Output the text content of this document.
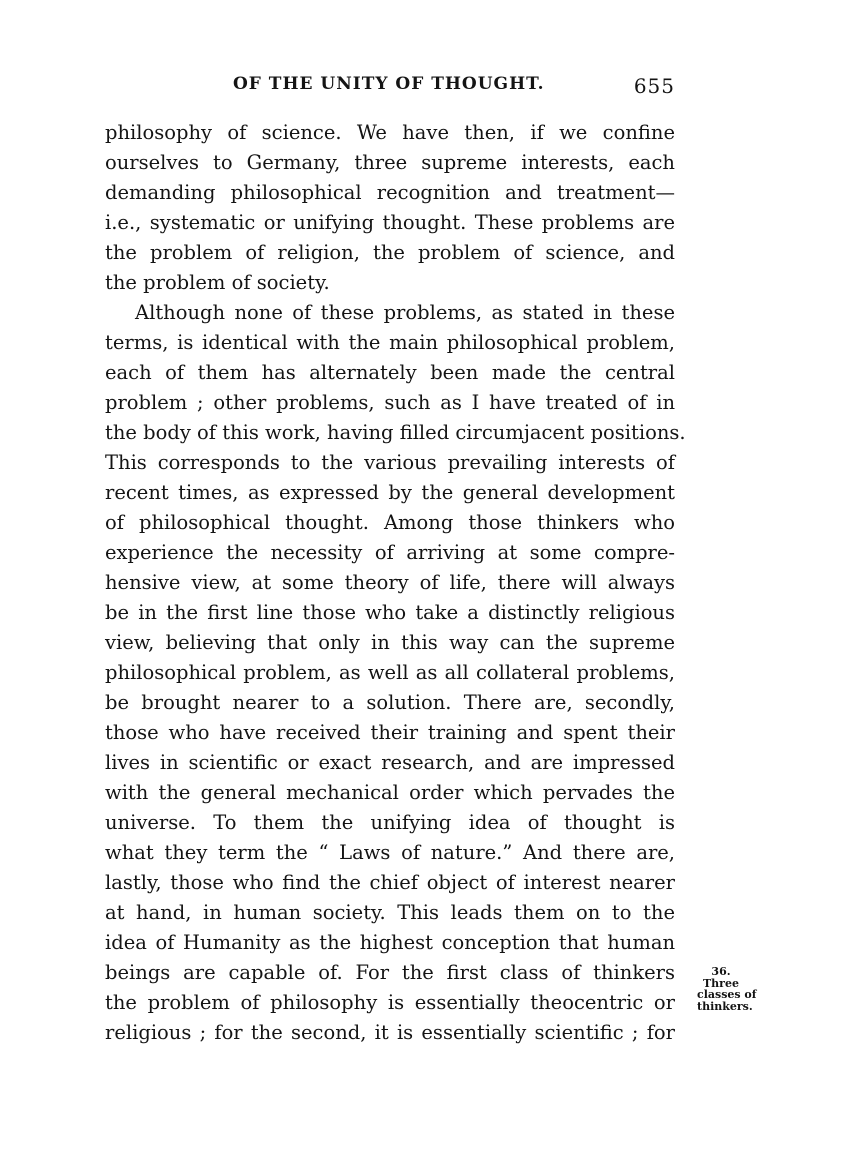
OF THE UNITY OF THOUGHT.	655
philosophy of science. We have then, if we confine
ourselves to Germany, three supreme interests, each
demanding philosophical recognition and treatment—
i.e., systematic or unifying thought. These problems are
the problem of religion, the problem of science, and
the problem of society.
Although none of these problems, as stated in these
terms, is identical with the main philosophical problem,
each of them has alternately been made the central
problem ; other problems, such as I have treated of in
the body of this work, having filled circumjacent positions.
This corresponds to the various prevailing interests of
recent times, as expressed by the general development
of philosophical thought. Among those thinkers who
experience the necessity of arriving at some compre-
hensive view, at some theory of life, there will always
be in the first line those who take a distinctly religious
view, believing that only in this way can the supreme
philosophical problem, as well as all collateral problems,
be brought nearer to a solution. There are, secondly,
those who have received their training and spent their
lives in scientific or exact research, and are impressed
with the general mechanical order which pervades the
universe. To them the unifying idea of thought is
what they term the “ Laws of nature.” And there are,
lastly, those who find the chief object of interest nearer
at hand, in human society. This leads them on to the
idea of Humanity as the highest conception that human
beings are capable of. For the first class of thinkers
the problem of philosophy is essentially theocentric or
religious ; for the second, it is essentially scientific ; for
36.
Three
classes of
thinkers.
